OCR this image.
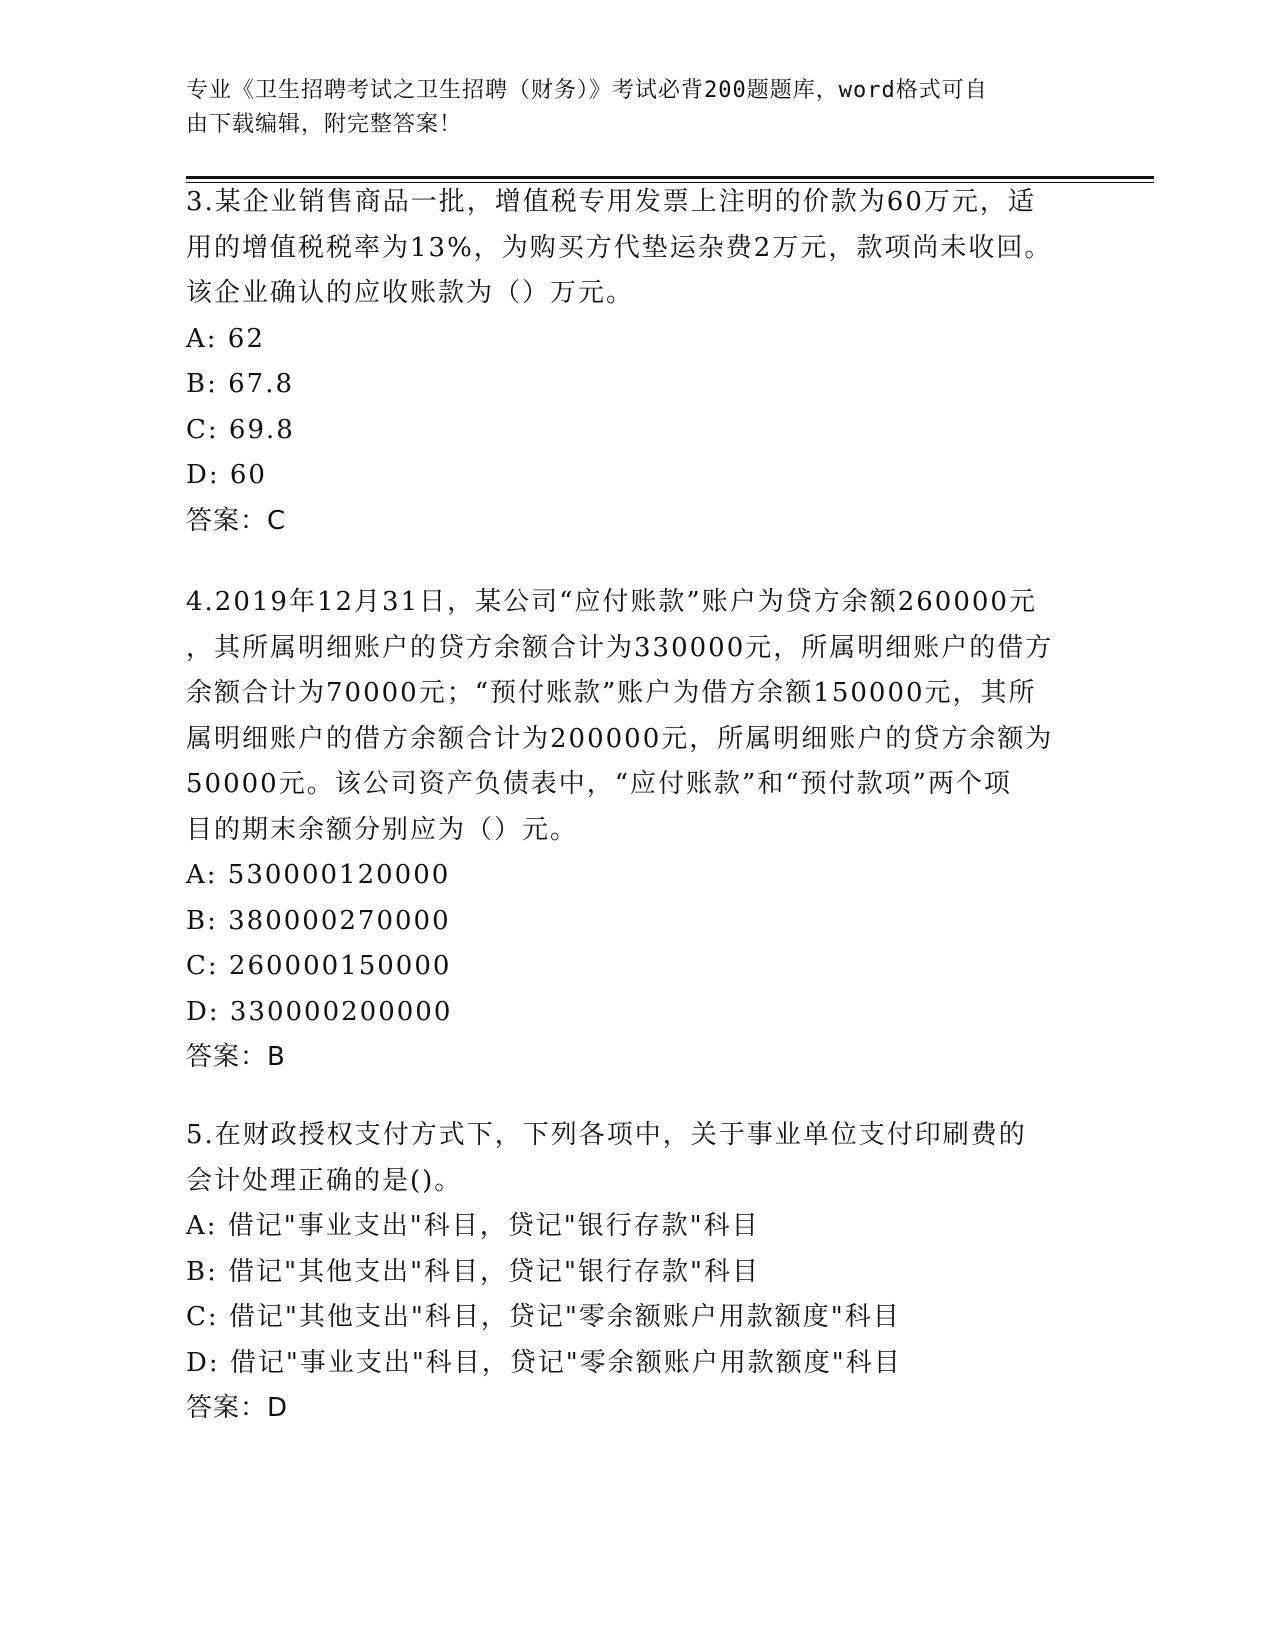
专业《卫生招聘考试之卫生招聘（财务）》考试必背200题题库，word格式可自
由下载编辑，附完整答案！
3.某企业销售商品一批，增值税专用发票上注明的价款为60万元，适
用的增值税税率为13%，为购买方代垫运杂费2万元，款项尚未收回。
该企业确认的应收账款为（）万元。
A: 62
B: 67.8
C: 69.8
D: 60
答案：C
4.2019年12月31日，某公司“应付账款”账户为贷方余额260000元
，其所属明细账户的贷方余额合计为330000元，所属明细账户的借方
余额合计为70000元；“预付账款”账户为借方余额150000元，其所
属明细账户的借方余额合计为200000元，所属明细账户的贷方余额为
50000元。该公司资产负债表中，“应付账款”和“预付款项”两个项
目的期末余额分别应为（）元。
A: 530000120000
B: 380000270000
C: 260000150000
D: 330000200000
答案：B
5.在财政授权支付方式下，下列各项中，关于事业单位支付印刷费的
会计处理正确的是()。
A: 借记"事业支出"科目，贷记"银行存款"科目
B: 借记"其他支出"科目，贷记"银行存款"科目
C: 借记"其他支出"科目，贷记"零余额账户用款额度"科目
D: 借记"事业支出"科目，贷记"零余额账户用款额度"科目
答案：D
